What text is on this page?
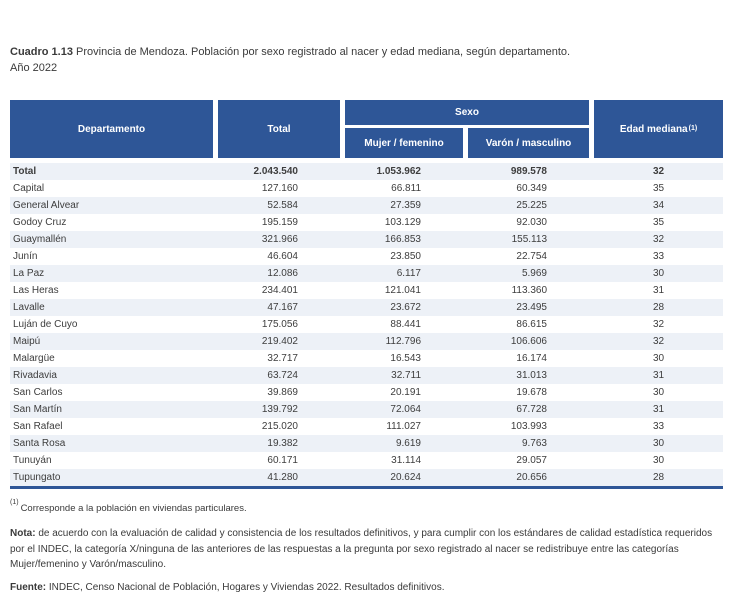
Cuadro 1.13 Provincia de Mendoza. Población por sexo registrado al nacer y edad mediana, según departamento.
Año 2022
Departamento	Total
Sexo
Mujer / femenino	Varón / masculino
Edad mediana$^{(1)}$
Total	2.043.540	1.053.962	989.578	32
Capital	127.160	66.811	60.349	35
General Alvear	52.584	27.359	25.225	34
Godoy Cruz	195.159	103.129	92.030	35
Guaymallén	321.966	166.853	155.113	32
Junín	46.604	23.850	22.754	33
La Paz	12.086	6.117	5.969	30
Las Heras	234.401	121.041	113.360	31
Lavalle	47.167	23.672	23.495	28
Luján de Cuyo	175.056	88.441	86.615	32
Maipú	219.402	112.796	106.606	32
Malargüe	32.717	16.543	16.174	30
Rivadavia	63.724	32.711	31.013	31
San Carlos	39.869	20.191	19.678	30
San Martín	139.792	72.064	67.728	31
San Rafael	215.020	111.027	103.993	33
Santa Rosa	19.382	9.619	9.763	30
Tunuyán	60.171	31.114	29.057	30
Tupungato	41.280	20.624	20.656	28
$^{(1)}$Corresponde a la población en viviendas particulares.
Nota: de acuerdo con la evaluación de calidad y consistencia de los resultados definitivos, y para cumplir con los estándares de calidad estadística requeridos por el INDEC, la categoría X/ninguna de las anteriores de las respuestas a la pregunta por sexo registrado al nacer se redistribuye entre las categorías Mujer/femenino y Varón/masculino.
Fuente: INDEC, Censo Nacional de Población, Hogares y Viviendas 2022. Resultados definitivos.
